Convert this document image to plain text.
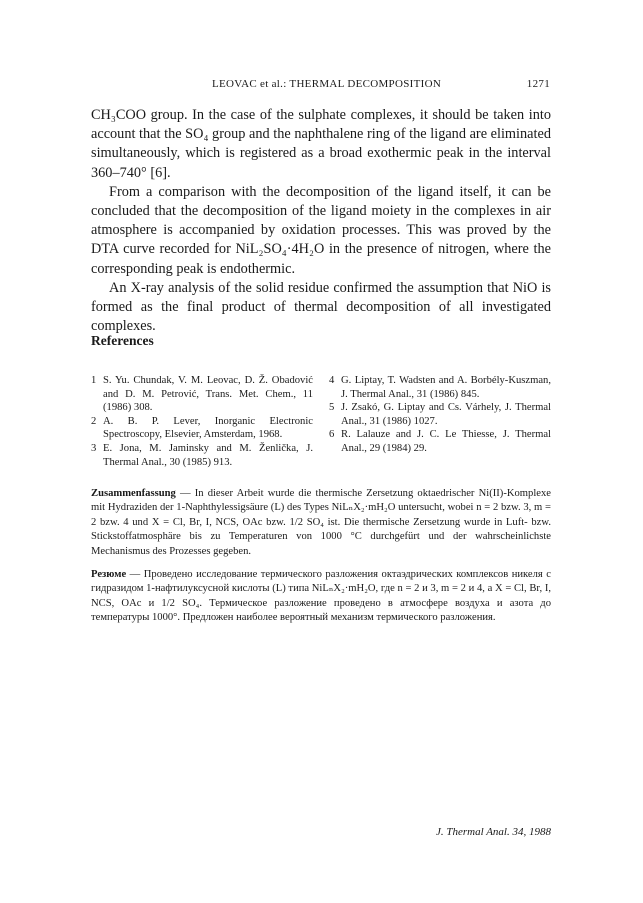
LEOVAC et al.: THERMAL DECOMPOSITION	1271

CH₃COO group. In the case of the sulphate complexes, it should be taken into account that the SO₄ group and the naphthalene ring of the ligand are eliminated simultaneously, which is registered as a broad exothermic peak in the interval 360–740° [6].

From a comparison with the decomposition of the ligand itself, it can be concluded that the decomposition of the ligand moiety in the complexes in air atmosphere is accompanied by oxidation processes. This was proved by the DTA curve recorded for NiL₂SO₄·4H₂O in the presence of nitrogen, where the corresponding peak is endothermic.

An X-ray analysis of the solid residue confirmed the assumption that NiO is formed as the final product of thermal decomposition of all investigated complexes.

References
1 S. Yu. Chundak, V. M. Leovac, D. Ž. Obadović and D. M. Petrović, Trans. Met. Chem., 11 (1986) 308.
2 A. B. P. Lever, Inorganic Electronic Spectroscopy, Elsevier, Amsterdam, 1968.
3 E. Jona, M. Jaminsky and M. Ženlička, J. Thermal Anal., 30 (1985) 913.
4 G. Liptay, T. Wadsten and A. Borbély-Kuszman, J. Thermal Anal., 31 (1986) 845.
5 J. Zsakó, G. Liptay and Cs. Várhely, J. Thermal Anal., 31 (1986) 1027.
6 R. Lalauze and J. C. Le Thiesse, J. Thermal Anal., 29 (1984) 29.
Zusammenfassung — In dieser Arbeit wurde die thermische Zersetzung oktaedrischer Ni(II)-Komplexe mit Hydraziden der 1-Naphthylessigsäure (L) des Types NiLₙX₂·mH₂O untersucht, wobei n = 2 bzw. 3, m = 2 bzw. 4 und X = Cl, Br, I, NCS, OAc bzw. 1/2 SO₄ ist. Die thermische Zersetzung wurde in Luft- bzw. Stickstoffatmosphäre bis zu Temperaturen von 1000 °C durchgefürt und der wahrscheinlichste Mechanismus des Prozesses gegeben.
Резюме — Проведено исследование термического разложения октаэдрических комплексов никеля с гидразидом 1-нафтилуксусной кислоты (L) типа NiLₙX₂·mH₂O, где n = 2 и 3, m = 2 и 4, а X = Cl, Br, I, NCS, OAc и 1/2 SO₄. Термическое разложение проведено в атмосфере воздуха и азота до температуры 1000°. Предложен наиболее вероятный механизм термического разложения.
J. Thermal Anal. 34, 1988
